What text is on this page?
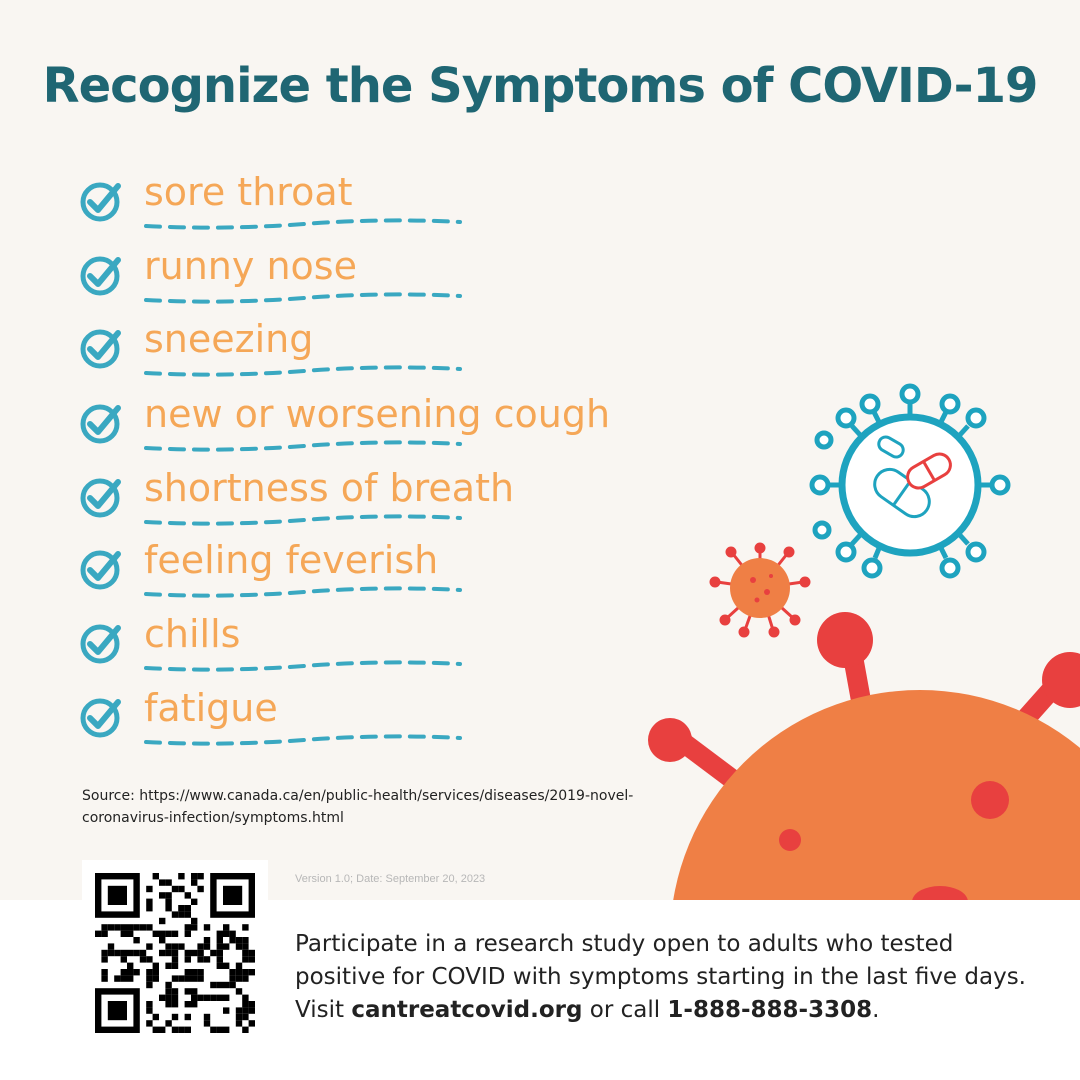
Recognize the Symptoms of COVID-19
sore throat
runny nose
sneezing
new or worsening cough
shortness of breath
feeling feverish
chills
fatigue
Source: https://www.canada.ca/en/public-health/services/diseases/2019-novel-coronavirus-infection/symptoms.html
Version 1.0; Date: September 20, 2023
Participate in a research study open to adults who tested positive for COVID with symptoms starting in the last five days. Visit cantreatcovid.org or call 1-888-888-3308.
